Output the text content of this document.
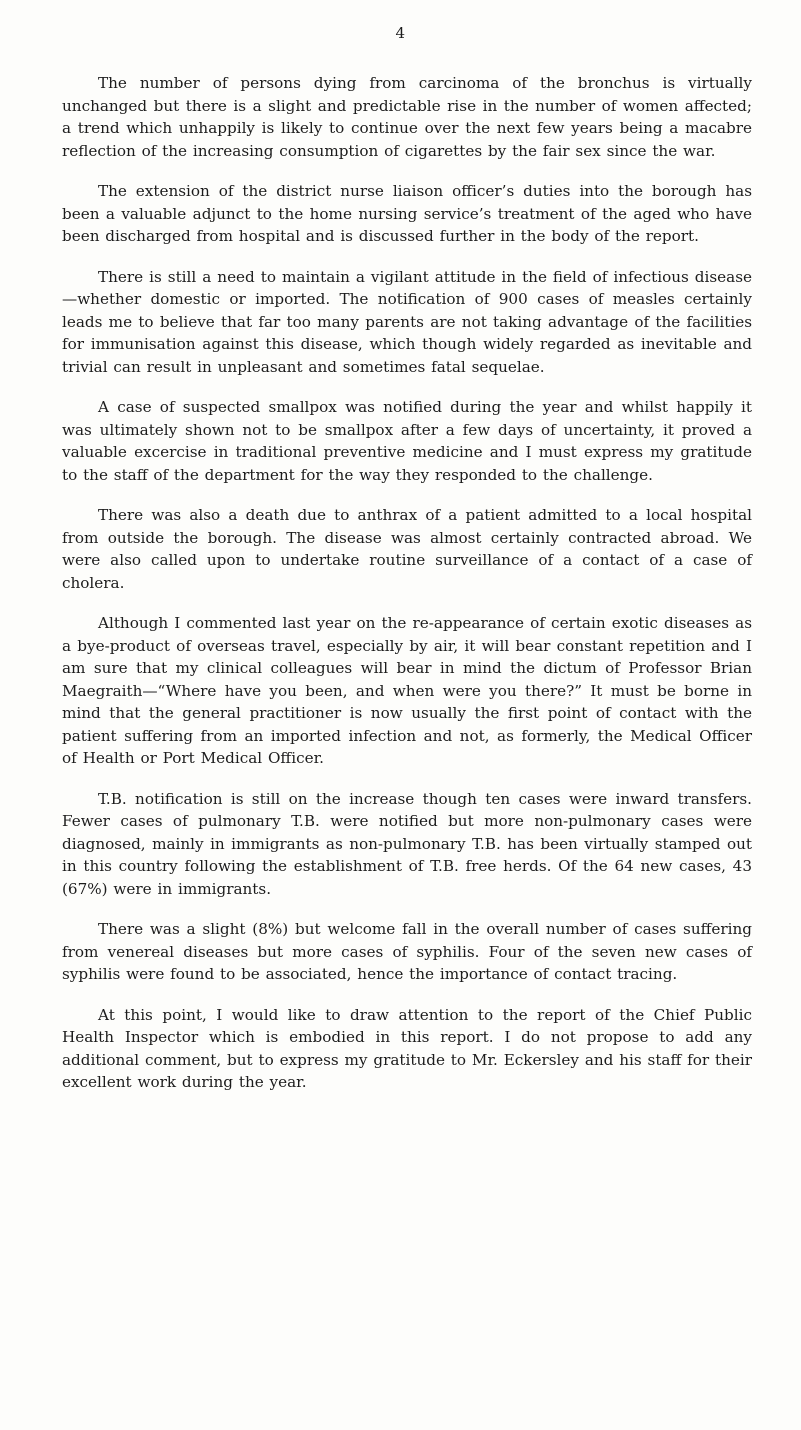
4

The number of persons dying from carcinoma of the bronchus is virtually unchanged but there is a slight and predictable rise in the number of women affected; a trend which unhappily is likely to continue over the next few years being a macabre reflection of the increasing consumption of cigarettes by the fair sex since the war.

The extension of the district nurse liaison officer’s duties into the borough has been a valuable adjunct to the home nursing service’s treatment of the aged who have been discharged from hospital and is discussed further in the body of the report.

There is still a need to maintain a vigilant attitude in the field of infectious disease—whether domestic or imported. The notification of 900 cases of measles certainly leads me to believe that far too many parents are not taking advantage of the facilities for immunisation against this disease, which though widely regarded as inevitable and trivial can result in unpleasant and sometimes fatal sequelae.

A case of suspected smallpox was notified during the year and whilst happily it was ultimately shown not to be smallpox after a few days of uncertainty, it proved a valuable excercise in traditional preventive medicine and I must express my gratitude to the staff of the department for the way they responded to the challenge.

There was also a death due to anthrax of a patient admitted to a local hospital from outside the borough. The disease was almost certainly contracted abroad. We were also called upon to undertake routine surveillance of a contact of a case of cholera.

Although I commented last year on the re-appearance of certain exotic diseases as a bye-product of overseas travel, especially by air, it will bear constant repetition and I am sure that my clinical colleagues will bear in mind the dictum of Professor Brian Maegraith—“Where have you been, and when were you there?” It must be borne in mind that the general practitioner is now usually the first point of contact with the patient suffering from an imported infection and not, as formerly, the Medical Officer of Health or Port Medical Officer.

T.B. notification is still on the increase though ten cases were inward transfers. Fewer cases of pulmonary T.B. were notified but more non-pulmonary cases were diagnosed, mainly in immigrants as non-pulmonary T.B. has been virtually stamped out in this country following the establishment of T.B. free herds. Of the 64 new cases, 43 (67%) were in immigrants.

There was a slight (8%) but welcome fall in the overall number of cases suffering from venereal diseases but more cases of syphilis. Four of the seven new cases of syphilis were found to be associated, hence the importance of contact tracing.

At this point, I would like to draw attention to the report of the Chief Public Health Inspector which is embodied in this report. I do not propose to add any additional comment, but to express my gratitude to Mr. Eckersley and his staff for their excellent work during the year.
